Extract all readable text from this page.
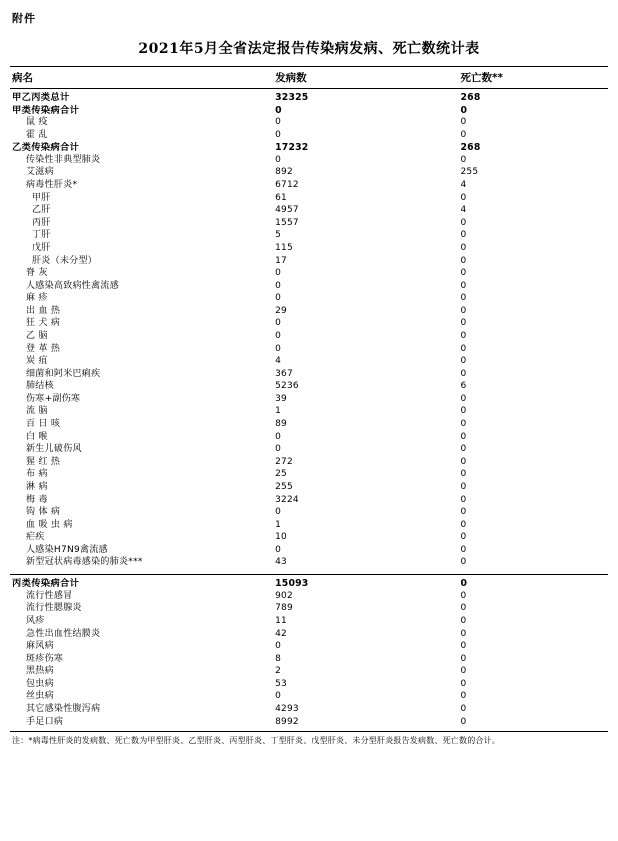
附件
2021年5月全省法定报告传染病发病、死亡数统计表
病名	发病数	死亡数**
甲乙丙类总计	32325	268
甲类传染病合计	0	0
鼠 疫	0	0
霍 乱	0	0
乙类传染病合计	17232	268
传染性非典型肺炎	0	0
艾滋病	892	255
病毒性肝炎*	6712	4
甲肝	61	0
乙肝	4957	4
丙肝	1557	0
丁肝	5	0
戊肝	115	0
肝炎（未分型）	17	0
脊 灰	0	0
人感染高致病性禽流感	0	0
麻 疹	0	0
出 血 热	29	0
狂 犬 病	0	0
乙 脑	0	0
登 革 热	0	0
炭 疽	4	0
细菌和阿米巴痢疾	367	0
肺结核	5236	6
伤寒+副伤寒	39	0
流 脑	1	0
百 日 咳	89	0
白 喉	0	0
新生儿破伤风	0	0
猩 红 热	272	0
布 病	25	0
淋 病	255	0
梅 毒	3224	0
钩 体 病	0	0
血 吸 虫 病	1	0
疟疾	10	0
人感染H7N9禽流感	0	0
新型冠状病毒感染的肺炎***	43	0

丙类传染病合计	15093	0
流行性感冒	902	0
流行性腮腺炎	789	0
风疹	11	0
急性出血性结膜炎	42	0
麻风病	0	0
斑疹伤寒	8	0
黑热病	2	0
包虫病	53	0
丝虫病	0	0
其它感染性腹泻病	4293	0
手足口病	8992	0
注：*病毒性肝炎的发病数、死亡数为甲型肝炎、乙型肝炎、丙型肝炎、丁型肝炎、戊型肝炎、未分型肝炎报告发病数、死亡数的合计。
